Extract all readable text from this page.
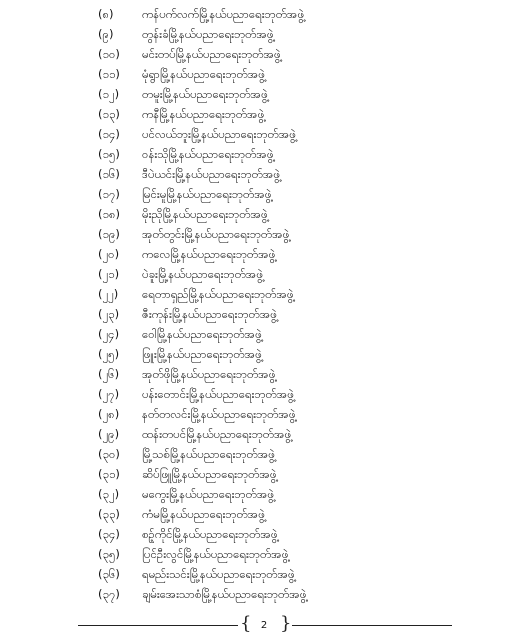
(၈)	ကန်ပက်လက်မြို့နယ်ပညာရေးဘုတ်အဖွဲ့
(၉)	တွန်းခံမြို့နယ်ပညာရေးဘုတ်အဖွဲ့
(၁၀)	မင်းတပ်မြို့နယ်ပညာရေးဘုတ်အဖွဲ့
(၁၁)	မုံရွာမြို့နယ်ပညာရေးဘုတ်အဖွဲ့
(၁၂)	တမူးမြို့နယ်ပညာရေးဘုတ်အဖွဲ့
(၁၃)	ကနီမြို့နယ်ပညာရေးဘုတ်အဖွဲ့
(၁၄)	ပင်လယ်ဘူးမြို့နယ်ပညာရေးဘုတ်အဖွဲ့
(၁၅)	ဝန်းသိုမြို့နယ်ပညာရေးဘုတ်အဖွဲ့
(၁၆)	ဒီပဲယင်းမြို့နယ်ပညာရေးဘုတ်အဖွဲ့
(၁၇)	မြင်းမူမြို့နယ်ပညာရေးဘုတ်အဖွဲ့
(၁၈)	မိုးညိုမြို့နယ်ပညာရေးဘုတ်အဖွဲ့
(၁၉)	အုတ်တွင်းမြို့နယ်ပညာရေးဘုတ်အဖွဲ့
(၂၀)	ကလေမြို့နယ်ပညာရေးဘုတ်အဖွဲ့
(၂၁)	ပဲခူးမြို့နယ်ပညာရေးဘုတ်အဖွဲ့
(၂၂)	ရေတာရှည်မြို့နယ်ပညာရေးဘုတ်အဖွဲ့
(၂၃)	ဇီးကုန်းမြို့နယ်ပညာရေးဘုတ်အဖွဲ့
(၂၄)	ဝေါမြို့နယ်ပညာရေးဘုတ်အဖွဲ့
(၂၅)	ဖြူးမြို့နယ်ပညာရေးဘုတ်အဖွဲ့
(၂၆)	အုတ်ဖိုမြို့နယ်ပညာရေးဘုတ်အဖွဲ့
(၂၇)	ပန်းတောင်းမြို့နယ်ပညာရေးဘုတ်အဖွဲ့
(၂၈)	နတ်တလင်းမြို့နယ်ပညာရေးဘုတ်အဖွဲ့
(၂၉)	ထန်းတပင်မြို့နယ်ပညာရေးဘုတ်အဖွဲ့
(၃၀)	မြို့သစ်မြို့နယ်ပညာရေးဘုတ်အဖွဲ့
(၃၁)	ဆိပ်ဖြူမြို့နယ်ပညာရေးဘုတ်အဖွဲ့
(၃၂)	မကွေးမြို့နယ်ပညာရေးဘုတ်အဖွဲ့
(၃၃)	ကံမမြို့နယ်ပညာရေးဘုတ်အဖွဲ့
(၃၄)	စဉ့်ကိုင်မြို့နယ်ပညာရေးဘုတ်အဖွဲ့
(၃၅)	ပြင်ဦးလွင်မြို့နယ်ပညာရေးဘုတ်အဖွဲ့
(၃၆)	ရမည်းသင်းမြို့နယ်ပညာရေးဘုတ်အဖွဲ့
(၃၇)	ချမ်းအေးသာစံမြို့နယ်ပညာရေးဘုတ်အဖွဲ့
{ 2 }
